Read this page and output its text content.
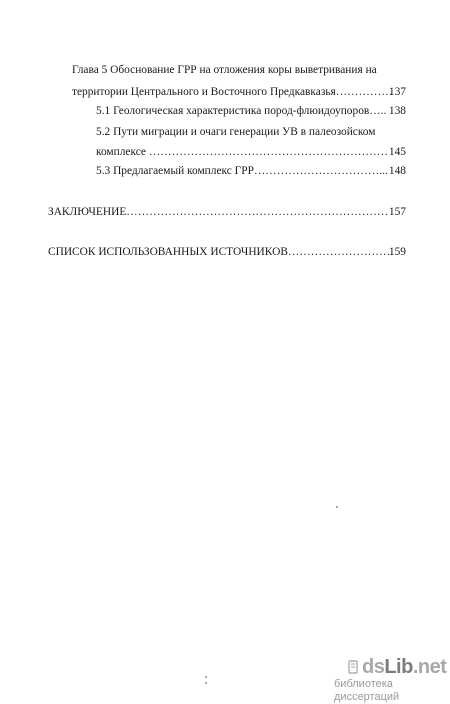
Глава 5 Обоснование ГРР на отложения коры выветривания на
территории Центрального и Восточного Предкавказья……………
137
5.1 Геологическая характеристика пород-флюидоупоров….. 138
5.2 Пути миграции и очаги генерации УВ в палеозойском
комплексе ……………………………………………………… 145
5.3 Предлагаемый комплекс ГРР……………………………... 148
ЗАКЛЮЧЕНИЕ…………………………………………………………… 157
СПИСОК ИСПОЛЬЗОВАННЫХ ИСТОЧНИКОВ……………………….
159
dsLib.net
библиотека диссертаций
